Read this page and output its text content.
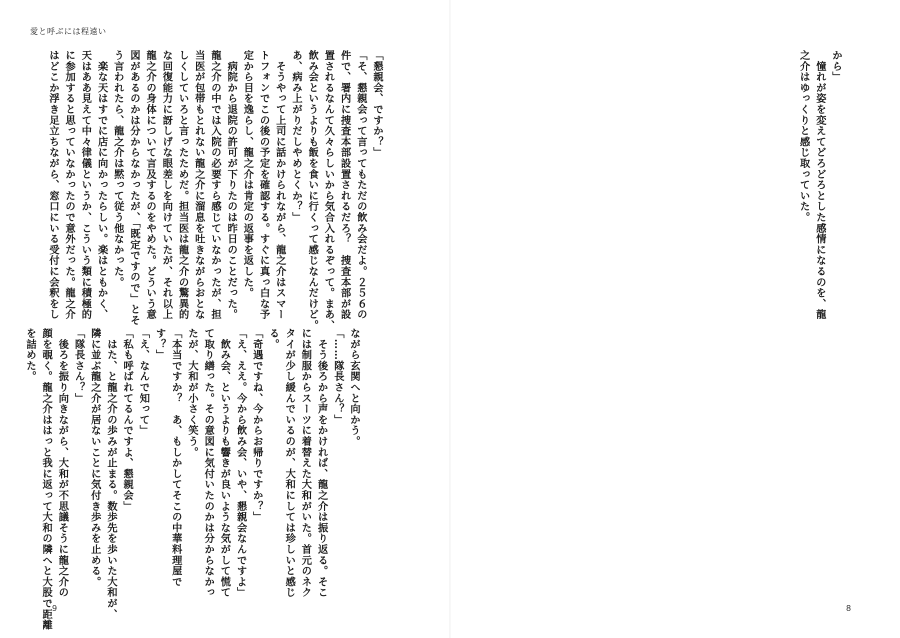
愛と呼ぶには程遠い
「懇親会、ですか？」
「そ、懇親会って言ってもただの飲み会だよ。２５６の
件で、署内に捜査本部設置されるだろ？　捜査本部が設
置されるなんて久々らしいから気合入れるぞって。まあ、
飲み会というよりも飯を食いに行くって感じなんだけど。
あ、病み上がりだしやめとくか？」
　そうやって上司に話かけられながら、龍之介はスマー
トフォンでこの後の予定を確認する。すぐに真っ白な予
定から目を逸らし、龍之介は肯定の返事を返した。
　病院から退院の許可が下りたのは昨日のことだった。
龍之介の中では入院の必要すら感じていなかったが、担
当医が包帯もとれない龍之介に溜息を吐きながらおとな
しくしていろと言ったためだ。担当医は龍之介の驚異的
な回復能力に訝しげな眼差しを向けていたが、それ以上
龍之介の身体について言及するのをやめた。どういう意
図があるのかは分からなかったが、「既定ですので」とそ
う言われたら、龍之介は黙って従う他なかった。
　楽な天はすでに店に向かったらしい。楽はともかく、
天はああ見えて中々律儀というか、こういう類に積極的
に参加すると思っていなかったので意外だった。龍之介
はどこか浮き足立ちながら、窓口にいる受付に会釈をし
ながら玄関へと向かう。
「……隊長さん？」
　そう後ろから声をかければ、龍之介は振り返る。そこ
には制服からスーツに着替えた大和がいた。首元のネク
タイが少し緩んでいるのが、大和にしては珍しいと感じ
る。
「奇遇ですね、今からお帰りですか？」
「え、ええ。今から飲み会、いや、懇親会なんですよ」
　飲み会、というよりも響きが良いような気がして慌て
て取り繕った。その意図に気付いたのかは分からなかっ
たが、大和が小さく笑う。
「本当ですか？　あ、もしかしてそこの中華料理屋で
す？」
「え、なんで知って」
「私も呼ばれてるんですよ、懇親会」
　はた、と龍之介の歩みが止まる。数歩先を歩いた大和が、
隣に並ぶ龍之介が居ないことに気付き歩みを止める。
「隊長さん？」
　後ろを振り向きながら、大和が不思議そうに龍之介の
顔を覗く。龍之介ははっと我に返って大和の隣へと大股で距離
を詰めた。
9
から」
　憧れが姿を変えてどろどろとした感情になるのを、龍
之介はゆっくりと感じ取っていた。
8
